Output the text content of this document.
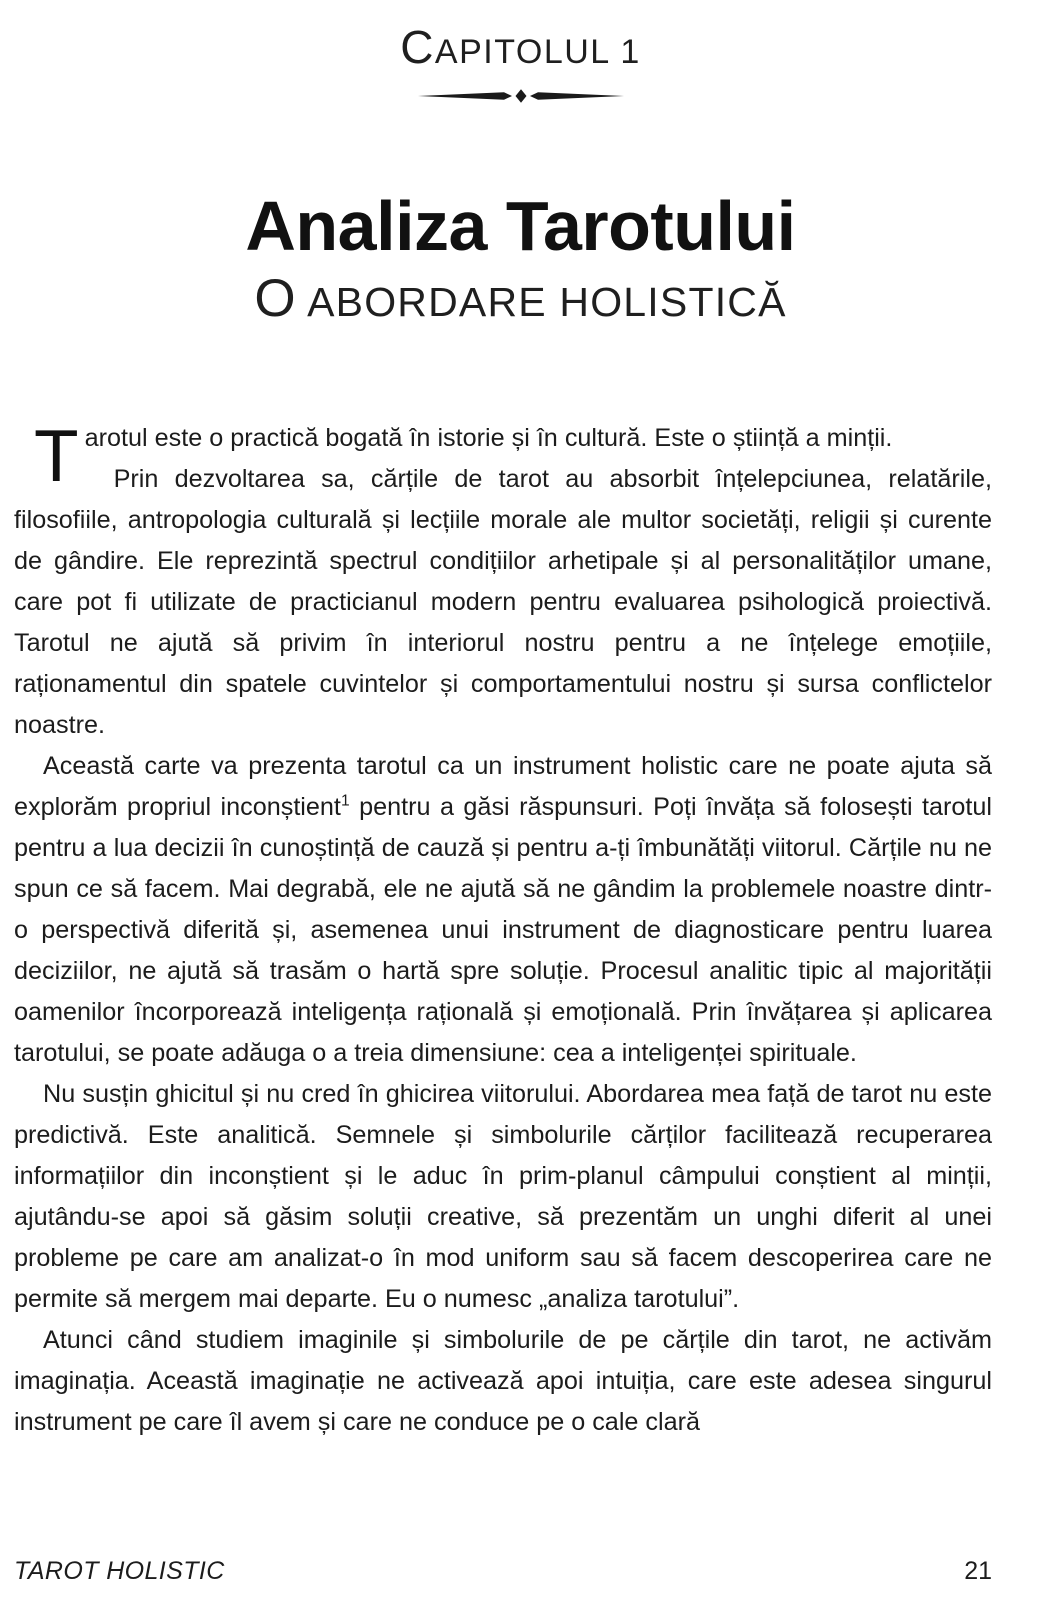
CAPITOLUL 1
Analiza Tarotului
O ABORDARE HOLISTICĂ

Tarotul este o practică bogată în istorie și în cultură. Este o știință a minții.

Prin dezvoltarea sa, cărțile de tarot au absorbit înțelepciunea, relatările, filosofiile, antropologia culturală și lecțiile morale ale multor societăți, religii și curente de gândire. Ele reprezintă spectrul condițiilor arhetipale și al personalităților umane, care pot fi utilizate de practicianul modern pentru evaluarea psihologică proiectivă. Tarotul ne ajută să privim în interiorul nostru pentru a ne înțelege emoțiile, raționamentul din spatele cuvintelor și comportamentului nostru și sursa conflictelor noastre.

Această carte va prezenta tarotul ca un instrument holistic care ne poate ajuta să explorăm propriul inconștient$^1$ pentru a găsi răspunsuri. Poți învăța să folosești tarotul pentru a lua decizii în cunoștință de cauză și pentru a-ți îmbunătăți viitorul. Cărțile nu ne spun ce să facem. Mai degrabă, ele ne ajută să ne gândim la problemele noastre dintr-o perspectivă diferită și, asemenea unui instrument de diagnosticare pentru luarea deciziilor, ne ajută să trasăm o hartă spre soluție. Procesul analitic tipic al majorității oamenilor încorporează inteligența rațională și emoțională. Prin învățarea și aplicarea tarotului, se poate adăuga o a treia dimensiune: cea a inteligenței spirituale.

Nu susțin ghicitul și nu cred în ghicirea viitorului. Abordarea mea față de tarot nu este predictivă. Este analitică. Semnele și simbolurile cărților facilitează recuperarea informațiilor din inconștient și le aduc în prim-planul câmpului conștient al minții, ajutându-se apoi să găsim soluții creative, să prezentăm un unghi diferit al unei probleme pe care am analizat-o în mod uniform sau să facem descoperirea care ne permite să mergem mai departe. Eu o numesc „analiza tarotului”.

Atunci când studiem imaginile și simbolurile de pe cărțile din tarot, ne activăm imaginația. Această imaginație ne activează apoi intuiția, care este adesea singurul instrument pe care îl avem și care ne conduce pe o cale clară

TAROT HOLISTIC	21
